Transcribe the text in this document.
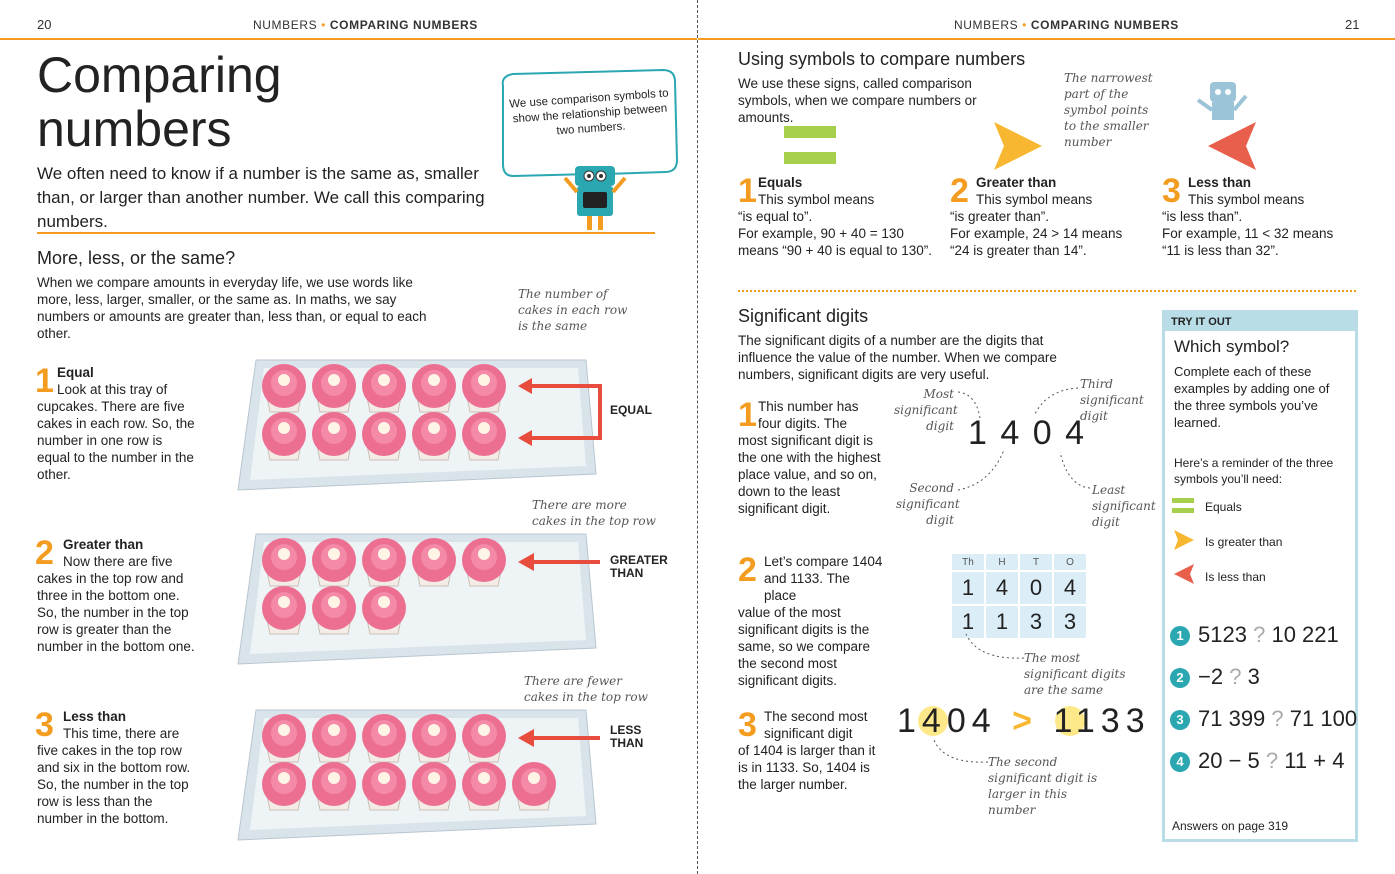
20	NUMBERS • COMPARING NUMBERS	NUMBERS • COMPARING NUMBERS	21
Comparing
numbers
We often need to know if a number is the same as, smaller than, or larger than another number. We call this comparing numbers.
We use comparison symbols to show the relationship between two numbers.
More, less, or the same?
When we compare amounts in everyday life, we use words like more, less, larger, smaller, or the same as. In maths, we say numbers or amounts are greater than, less than, or equal to each other.
1 Equal
Look at this tray of cupcakes. There are five cakes in each row. So, the number in one row is equal to the number in the other.
The number of cakes in each row is the same
2 Greater than
Now there are five cakes in the top row and three in the bottom one. So, the number in the top row is greater than the number in the bottom one.
There are more cakes in the top row
3 Less than
This time, there are five cakes in the top row and six in the bottom row. So, the number in the top row is less than the number in the bottom.
There are fewer cakes in the top row
EQUAL
GREATER
THAN
LESS
THAN
Using symbols to compare numbers
We use these signs, called comparison symbols, when we compare numbers or amounts.
The narrowest part of the symbol points to the smaller number
1 Equals
This symbol means
“is equal to”.
For example, 90 + 40 = 130
means “90 + 40 is equal to 130”.
2 Greater than
This symbol means
“is greater than”.
For example, 24 > 14 means
“24 is greater than 14”.
3 Less than
This symbol means
“is less than”.
For example, 11 < 32 means
“11 is less than 32”.
Significant digits
The significant digits of a number are the digits that influence the value of the number. When we compare numbers, significant digits are very useful.
1 This number has four digits. The
most significant digit is the one with the highest place value, and so on, down to the least significant digit.
2 Let’s compare 1404 and 1133. The place
value of the most significant digits is the same, so we compare the second most significant digits.
3 The second most significant digit
of 1404 is larger than it is in 1133. So, 1404 is the larger number.
1 4 0 4
Most significant digit
Third significant digit
Second significant digit
Least significant digit
Th	H	T	O
1	4	0	4
1	1	3	3
The most significant digits are the same
1404 > 1133
The second significant digit is larger in this number
TRY IT OUT
Which symbol?
Complete each of these examples by adding one of the three symbols you’ve learned.
Here’s a reminder of the three symbols you’ll need:
Equals
Is greater than
Is less than
1 5123 ? 10 221
2 −2 ? 3
3 71 399 ? 71 100
4 20 − 5 ? 11 + 4
Answers on page 319
